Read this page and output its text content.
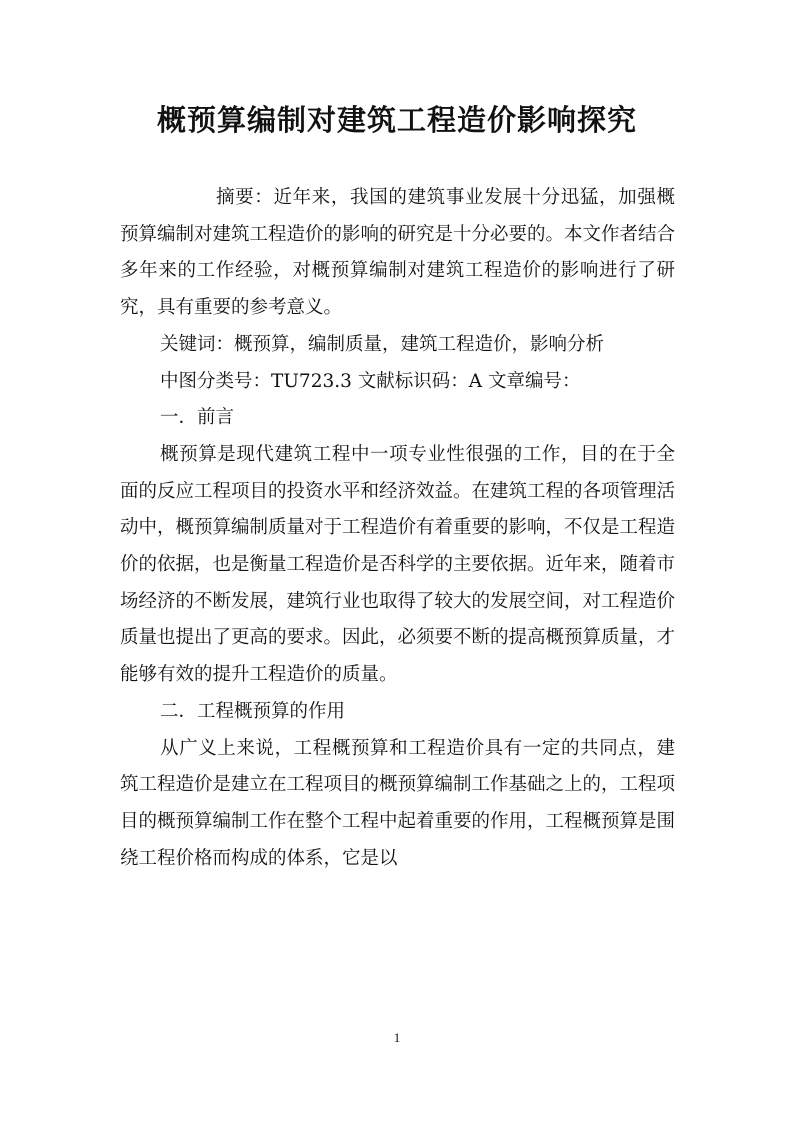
概预算编制对建筑工程造价影响探究

摘要：近年来，我国的建筑事业发展十分迅猛，加强概预算编制对建筑工程造价的影响的研究是十分必要的。本文作者结合多年来的工作经验，对概预算编制对建筑工程造价的影响进行了研究，具有重要的参考意义。

关键词：概预算，编制质量，建筑工程造价，影响分析

中图分类号：TU723.3 文献标识码：A 文章编号：

一．前言

概预算是现代建筑工程中一项专业性很强的工作，目的在于全面的反应工程项目的投资水平和经济效益。在建筑工程的各项管理活动中，概预算编制质量对于工程造价有着重要的影响，不仅是工程造价的依据，也是衡量工程造价是否科学的主要依据。近年来，随着市场经济的不断发展，建筑行业也取得了较大的发展空间，对工程造价质量也提出了更高的要求。因此，必须要不断的提高概预算质量，才能够有效的提升工程造价的质量。

二．工程概预算的作用

从广义上来说，工程概预算和工程造价具有一定的共同点，建筑工程造价是建立在工程项目的概预算编制工作基础之上的，工程项目的概预算编制工作在整个工程中起着重要的作用，工程概预算是围绕工程价格而构成的体系，它是以

1
